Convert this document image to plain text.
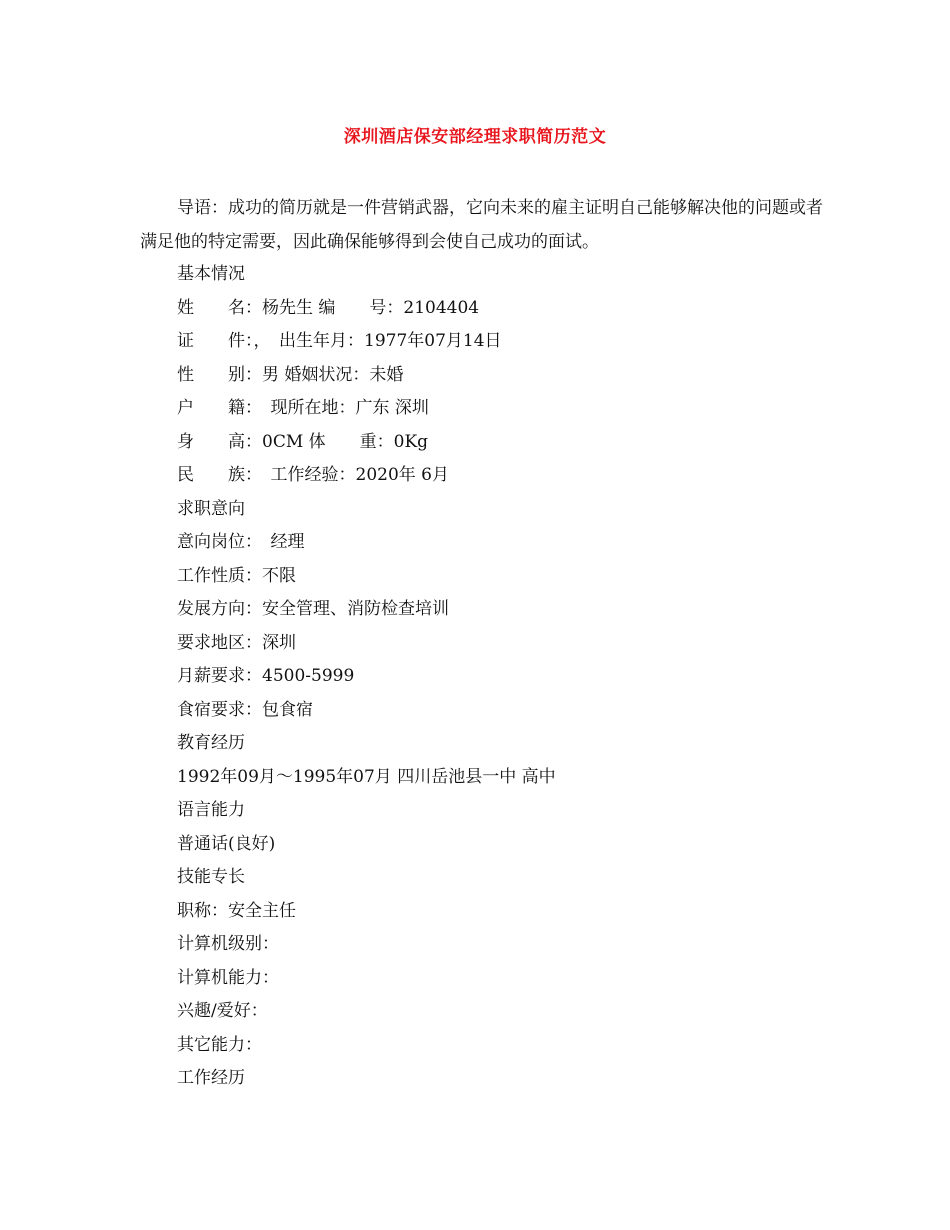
深圳酒店保安部经理求职简历范文
导语：成功的简历就是一件营销武器，它向未来的雇主证明自己能够解决他的问题或者满足他的特定需要，因此确保能够得到会使自己成功的面试。
基本情况
姓　　名：杨先生 编　　号：2104404
证　　件：，　出生年月：1977年07月14日
性　　别：男 婚姻状况：未婚
户　　籍：　现所在地：广东 深圳
身　　高：0CM 体　　重：0Kg
民　　族：　工作经验：2020年 6月
求职意向
意向岗位：　经理
工作性质：不限
发展方向：安全管理、消防检查培训
要求地区：深圳
月薪要求：4500-5999
食宿要求：包食宿
教育经历
1992年09月～1995年07月 四川岳池县一中 高中
语言能力
普通话(良好)
技能专长
职称：安全主任
计算机级别：
计算机能力：
兴趣/爱好：
其它能力：
工作经历
